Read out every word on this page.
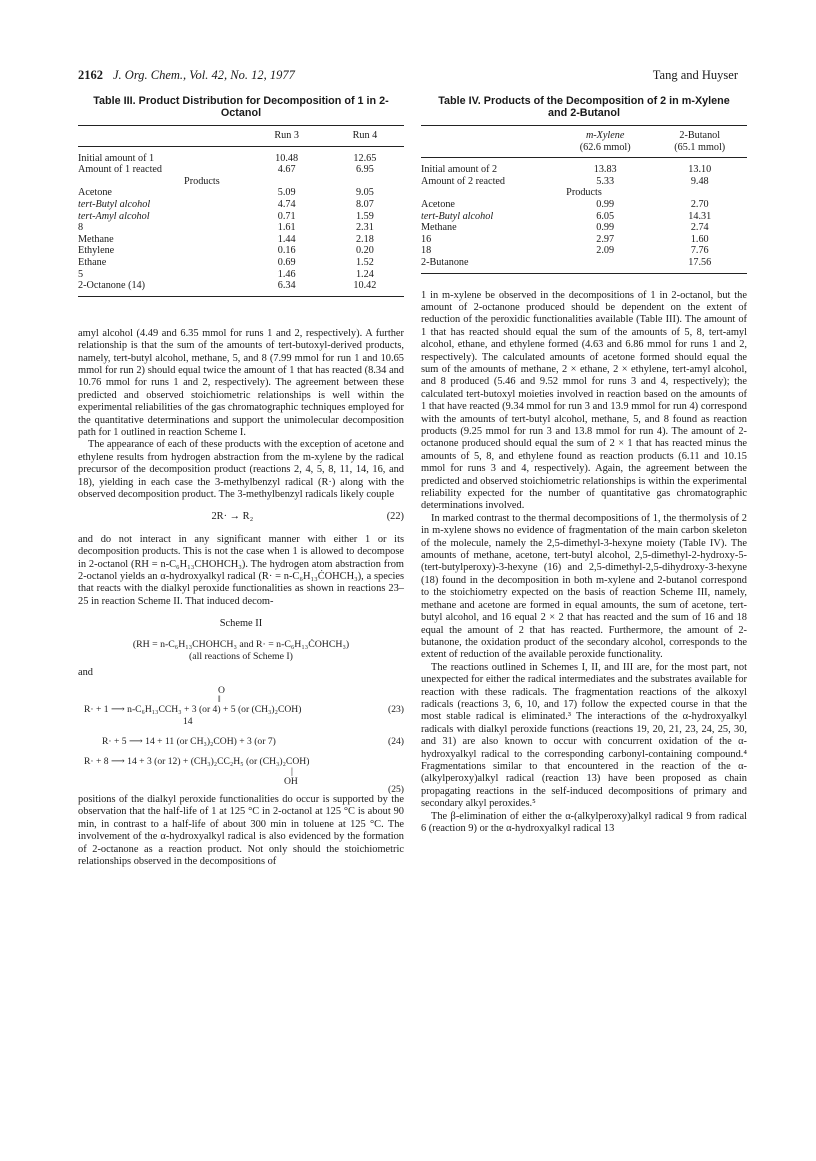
2162 J. Org. Chem., Vol. 42, No. 12, 1977	Tang and Huyser
Table III. Product Distribution for Decomposition of 1 in 2-Octanol

	Run 3	Run 4

Initial amount of 1	10.48	12.65
Amount of 1 reacted	4.67	6.95
Products		
Acetone	5.09	9.05
tert-Butyl alcohol	4.74	8.07
tert-Amyl alcohol	0.71	1.59
8	1.61	2.31
Methane	1.44	2.18
Ethylene	0.16	0.20
Ethane	0.69	1.52
5	1.46	1.24
2-Octanone (14)	6.34	10.42

amyl alcohol (4.49 and 6.35 mmol for runs 1 and 2, respectively). A further relationship is that the sum of the amounts of tert-butoxyl-derived products, namely, tert-butyl alcohol, methane, 5, and 8 (7.99 mmol for run 1 and 10.65 mmol for run 2) should equal twice the amount of 1 that has reacted (8.34 and 10.76 mmol for runs 1 and 2, respectively). The agreement between these predicted and observed stoichiometric relationships is well within the experimental reliabilities of the gas chromatographic techniques employed for the quantitative determinations and support the unimolecular decomposition path for 1 outlined in reaction Scheme I.

The appearance of each of these products with the exception of acetone and ethylene results from hydrogen abstraction from the m-xylene by the radical precursor of the decomposition product (reactions 2, 4, 5, 8, 11, 14, 16, and 18), yielding in each case the 3-methylbenzyl radical (R·) along with the observed decomposition product. The 3-methylbenzyl radicals likely couple

2R· → R₂	(22)

and do not interact in any significant manner with either 1 or its decomposition products. This is not the case when 1 is allowed to decompose in 2-octanol (RH = n-C₆H₁₃CHOHCH₃). The hydrogen atom abstraction from 2-octanol yields an α-hydroxyalkyl radical (R· = n-C₆H₁₃ĊOHCH₃), a species that reacts with the dialkyl peroxide functionalities as shown in reactions 23–25 in reaction Scheme II. That induced decom-

Scheme II
(RH = n-C₆H₁₃CHOHCH₃ and R· = n-C₆H₁₃ĊOHCH₃)
(all reactions of Scheme I)
and
O
‖
R· + 1 ⟶ n-C₆H₁₃CCH₃ + 3 (or 4) + 5 (or (CH₃)₂COH)
14
(23)
R· + 5 ⟶ 14 + 11 (or CH₃)₂COH) + 3 (or 7)	(24)
R· + 8 ⟶ 14 + 3 (or 12) + (CH₃)₂CC₂H₅ (or (CH₃)₂COH)
|
OH
(25)

positions of the dialkyl peroxide functionalities do occur is supported by the observation that the half-life of 1 at 125 °C in 2-octanol at 125 °C is about 90 min, in contrast to a half-life of about 300 min in toluene at 125 °C. The involvement of the α-hydroxyalkyl radical is also evidenced by the formation of 2-octanone as a reaction product. Not only should the stoichiometric relationships observed in the decompositions of

Table IV. Products of the Decomposition of 2 in m-Xylene and 2-Butanol

	m-Xylene	2-Butanol
	(62.6 mmol)	(65.1 mmol)

Initial amount of 2	13.83	13.10
Amount of 2 reacted	5.33	9.48
Products		
Acetone	0.99	2.70
tert-Butyl alcohol	6.05	14.31
Methane	0.99	2.74
16	2.97	1.60
18	2.09	7.76
2-Butanone		17.56

1 in m-xylene be observed in the decompositions of 1 in 2-octanol, but the amount of 2-octanone produced should be dependent on the extent of reduction of the peroxidic functionalities available (Table III). The amount of 1 that has reacted should equal the sum of the amounts of 5, 8, tert-amyl alcohol, ethane, and ethylene formed (4.63 and 6.86 mmol for runs 1 and 2, respectively). The calculated amounts of acetone formed should equal the sum of the amounts of methane, 2 × ethane, 2 × ethylene, tert-amyl alcohol, and 8 produced (5.46 and 9.52 mmol for runs 3 and 4, respectively); the calculated tert-butoxyl moieties involved in reaction based on the amounts of 1 that have reacted (9.34 mmol for run 3 and 13.9 mmol for run 4) correspond with the amounts of tert-butyl alcohol, methane, 5, and 8 found as reaction products (9.25 mmol for run 3 and 13.8 mmol for run 4). The amount of 2-octanone produced should equal the sum of 2 × 1 that has reacted minus the amounts of 5, 8, and ethylene found as reaction products (6.11 and 10.15 mmol for runs 3 and 4, respectively). Again, the agreement between the predicted and observed stoichiometric relationships is within the experimental reliability expected for the number of quantitative gas chromatographic determinations involved.

In marked contrast to the thermal decompositions of 1, the thermolysis of 2 in m-xylene shows no evidence of fragmentation of the main carbon skeleton of the molecule, namely the 2,5-dimethyl-3-hexyne moiety (Table IV). The amounts of methane, acetone, tert-butyl alcohol, 2,5-dimethyl-2-hydroxy-5-(tert-butylperoxy)-3-hexyne (16) and 2,5-dimethyl-2,5-dihydroxy-3-hexyne (18) found in the decomposition in both m-xylene and 2-butanol correspond to the stoichiometry expected on the basis of reaction Scheme III, namely, methane and acetone are formed in equal amounts, the sum of acetone, tert-butyl alcohol, and 16 equal 2 × 2 that has reacted and the sum of 16 and 18 equal the amount of 2 that has reacted. Furthermore, the amount of 2-butanone, the oxidation product of the secondary alcohol, corresponds to the extent of reduction of the available peroxide functionality.

The reactions outlined in Schemes I, II, and III are, for the most part, not unexpected for either the radical intermediates and the substrates available for reaction with these radicals. The fragmentation reactions of the alkoxyl radicals (reactions 3, 6, 10, and 17) follow the expected course in that the most stable radical is eliminated.³ The interactions of the α-hydroxyalkyl radicals with dialkyl peroxide functions (reactions 19, 20, 21, 23, 24, 25, 30, and 31) are also known to occur with concurrent oxidation of the α-hydroxyalkyl radical to the corresponding carbonyl-containing compound.⁴ Fragmentations similar to that encountered in the reaction of the α-(alkylperoxy)alkyl radical (reaction 13) have been proposed as chain propagating reactions in the self-induced decompositions of primary and secondary alkyl peroxides.⁵

The β-elimination of either the α-(alkylperoxy)alkyl radical 9 from radical 6 (reaction 9) or the α-hydroxyalkyl radical 13
